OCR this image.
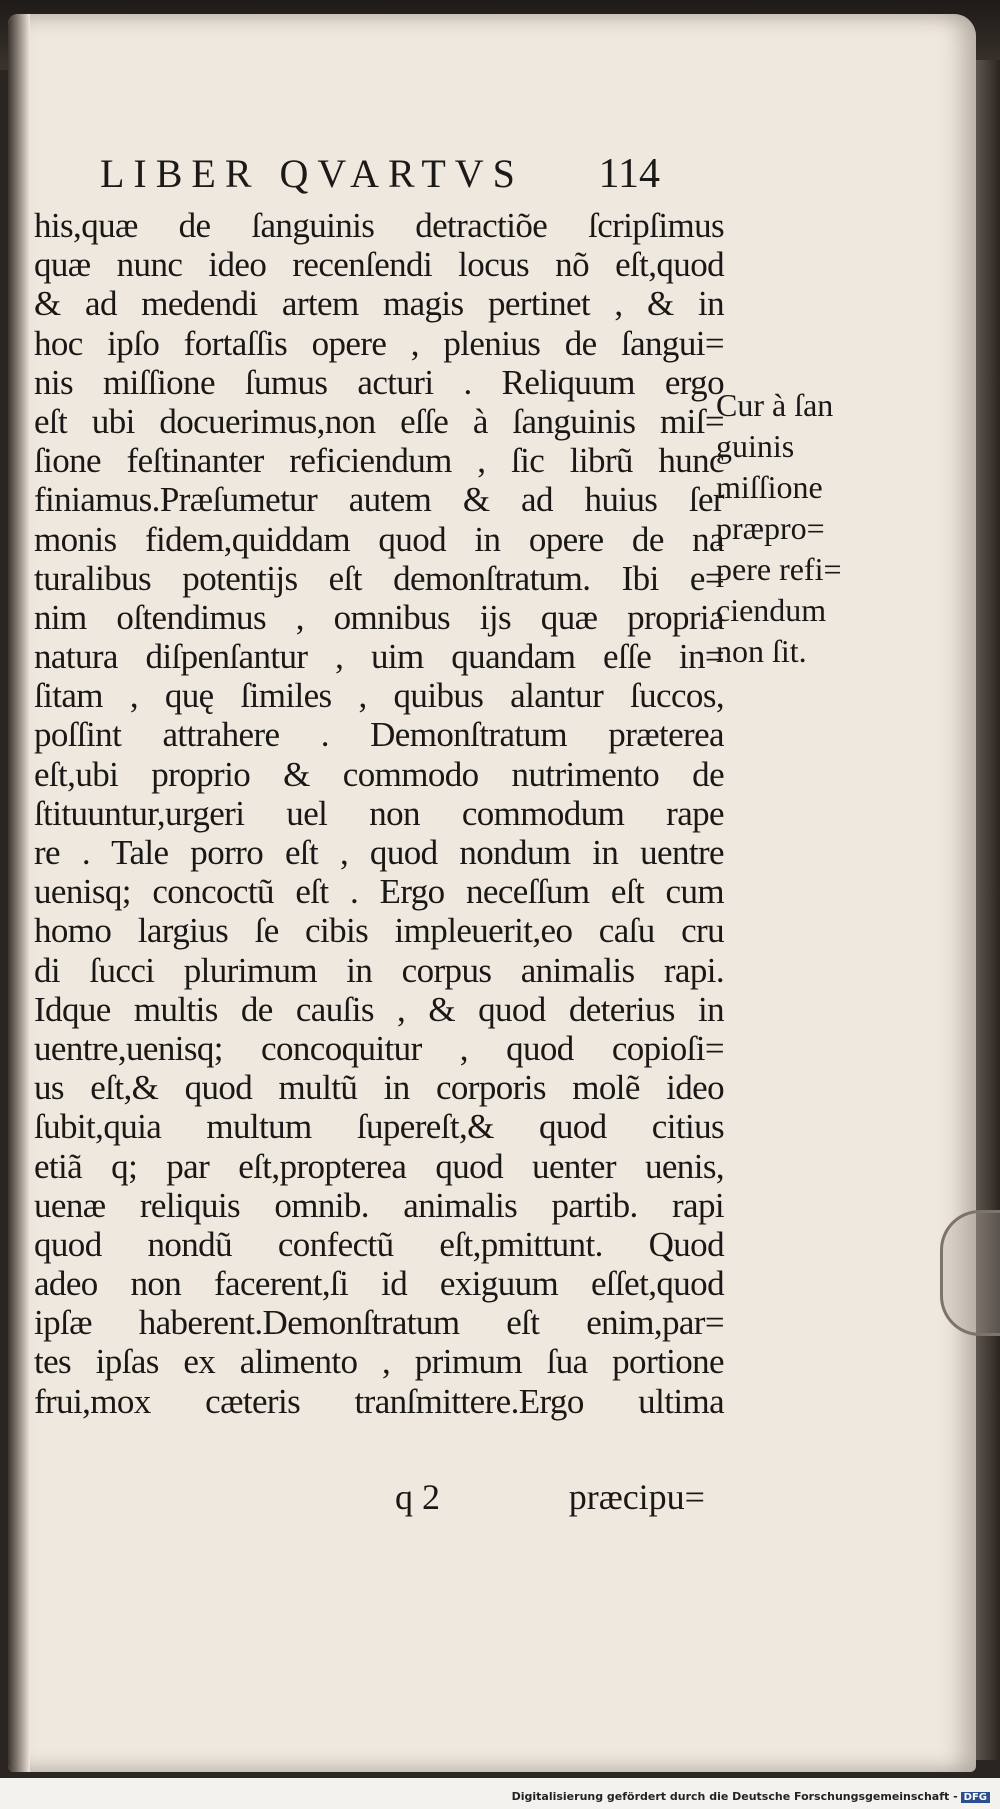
LIBER QVARTVS 114
his,quæ de ſanguinis detractiõe ſcripſimus
quæ nunc ideo recenſendi locus nõ eſt,quod
& ad medendi artem magis pertinet , & in
hoc ipſo fortaſſis opere , plenius de ſangui=
nis miſſione ſumus acturi . Reliquum ergo
eſt ubi docuerimus,non eſſe à ſanguinis miſ=
ſione feſtinanter reficiendum , ſic librũ hunc
finiamus.Præſumetur autem & ad huius ſer
monis fidem,quiddam quod in opere de na
turalibus potentijs eſt demonſtratum. Ibi e=
nim oſtendimus , omnibus ijs quæ propria
natura diſpenſantur , uim quandam eſſe in=
ſitam , quę ſimiles , quibus alantur ſuccos,
poſſint attrahere . Demonſtratum præterea
eſt,ubi proprio & commodo nutrimento de
ſtituuntur,urgeri uel non commodum rape
re . Tale porro eſt , quod nondum in uentre
uenisq; concoctũ eſt . Ergo neceſſum eſt cum
homo largius ſe cibis impleuerit,eo caſu cru
di ſucci plurimum in corpus animalis rapi.
Idque multis de cauſis , & quod deterius in
uentre,uenisq; concoquitur , quod copioſi=
us eſt,& quod multũ in corporis molẽ ideo
ſubit,quia multum ſupereſt,& quod citius
etiã q; par eſt,propterea quod uenter uenis,
uenæ reliquis omnib. animalis partib. rapi
quod nondũ confectũ eſt,pmittunt. Quod
adeo non facerent,ſi id exiguum eſſet,quod
ipſæ haberent.Demonſtratum eſt enim,par=
tes ipſas ex alimento , primum ſua portione
frui,mox cæteris tranſmittere.Ergo ultima
Cur à ſan
guinis
miſſione
præpro=
pere refi=
ciendum
non ſit.
q 2	præcipu=
Digitalisierung gefördert durch die Deutsche Forschungsgemeinschaft - DFG
